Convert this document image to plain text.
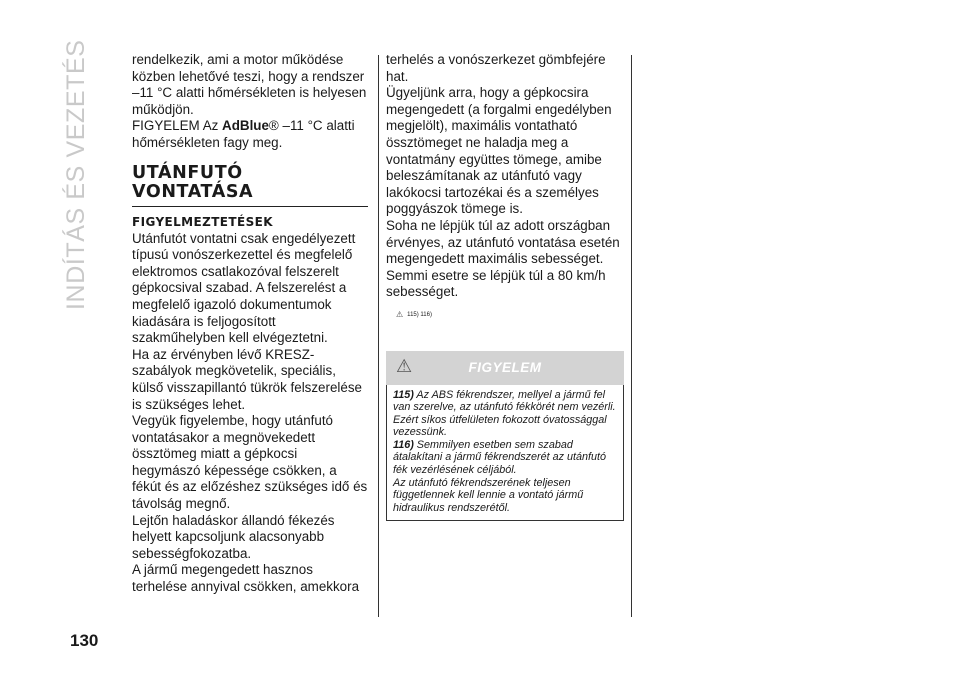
INDÍTÁS ÉS VEZETÉS	rendelkezik, ami a motor működése közben lehetővé teszi, hogy a rendszer –11 °C alatti hőmérsékleten is helyesen működjön.

FIGYELEM Az AdBlue® –11 °C alatti hőmérsékleten fagy meg.

UTÁNFUTÓ
VONTATÁSA
FIGYELMEZTETÉSEK

Utánfutót vontatni csak engedélyezett típusú vonószerkezettel és megfelelő elektromos csatlakozóval felszerelt gépkocsival szabad. A felszerelést a megfelelő igazoló dokumentumok kiadására is feljogosított szakműhelyben kell elvégeztetni.

Ha az érvényben lévő KRESZ-szabályok megkövetelik, speciális, külső visszapillantó tükrök felszerelése is szükséges lehet.

Vegyük figyelembe, hogy utánfutó vontatásakor a megnövekedett össztömeg miatt a gépkocsi hegymászó képessége csökken, a fékút és az előzéshez szükséges idő és távolság megnő.

Lejtőn haladáskor állandó fékezés helyett kapcsoljunk alacsonyabb sebességfokozatba.

A jármű megengedett hasznos terhelése annyival csökken, amekkora

terhelés a vonószerkezet gömbfejére hat.

Ügyeljünk arra, hogy a gépkocsira megengedett (a forgalmi engedélyben megjelölt), maximális vontatható össztömeget ne haladja meg a vontatmány együttes tömege, amibe beleszámítanak az utánfutó vagy lakókocsi tartozékai és a személyes poggyászok tömege is.

Soha ne lépjük túl az adott országban érvényes, az utánfutó vontatása esetén megengedett maximális sebességet. Semmi esetre se lépjük túl a 80 km/h sebességet.

⚠ 115) 116)
⚠	FIGYELEM
115) Az ABS fékrendszer, mellyel a jármű fel van szerelve, az utánfutó fékkörét nem vezérli. Ezért síkos útfelületen fokozott óvatossággal vezessünk.
116) Semmilyen esetben sem szabad átalakítani a jármű fékrendszerét az utánfutó fék vezérlésének céljából.
Az utánfutó fékrendszerének teljesen függetlennek kell lennie a vontató jármű hidraulikus rendszerétől.
130
